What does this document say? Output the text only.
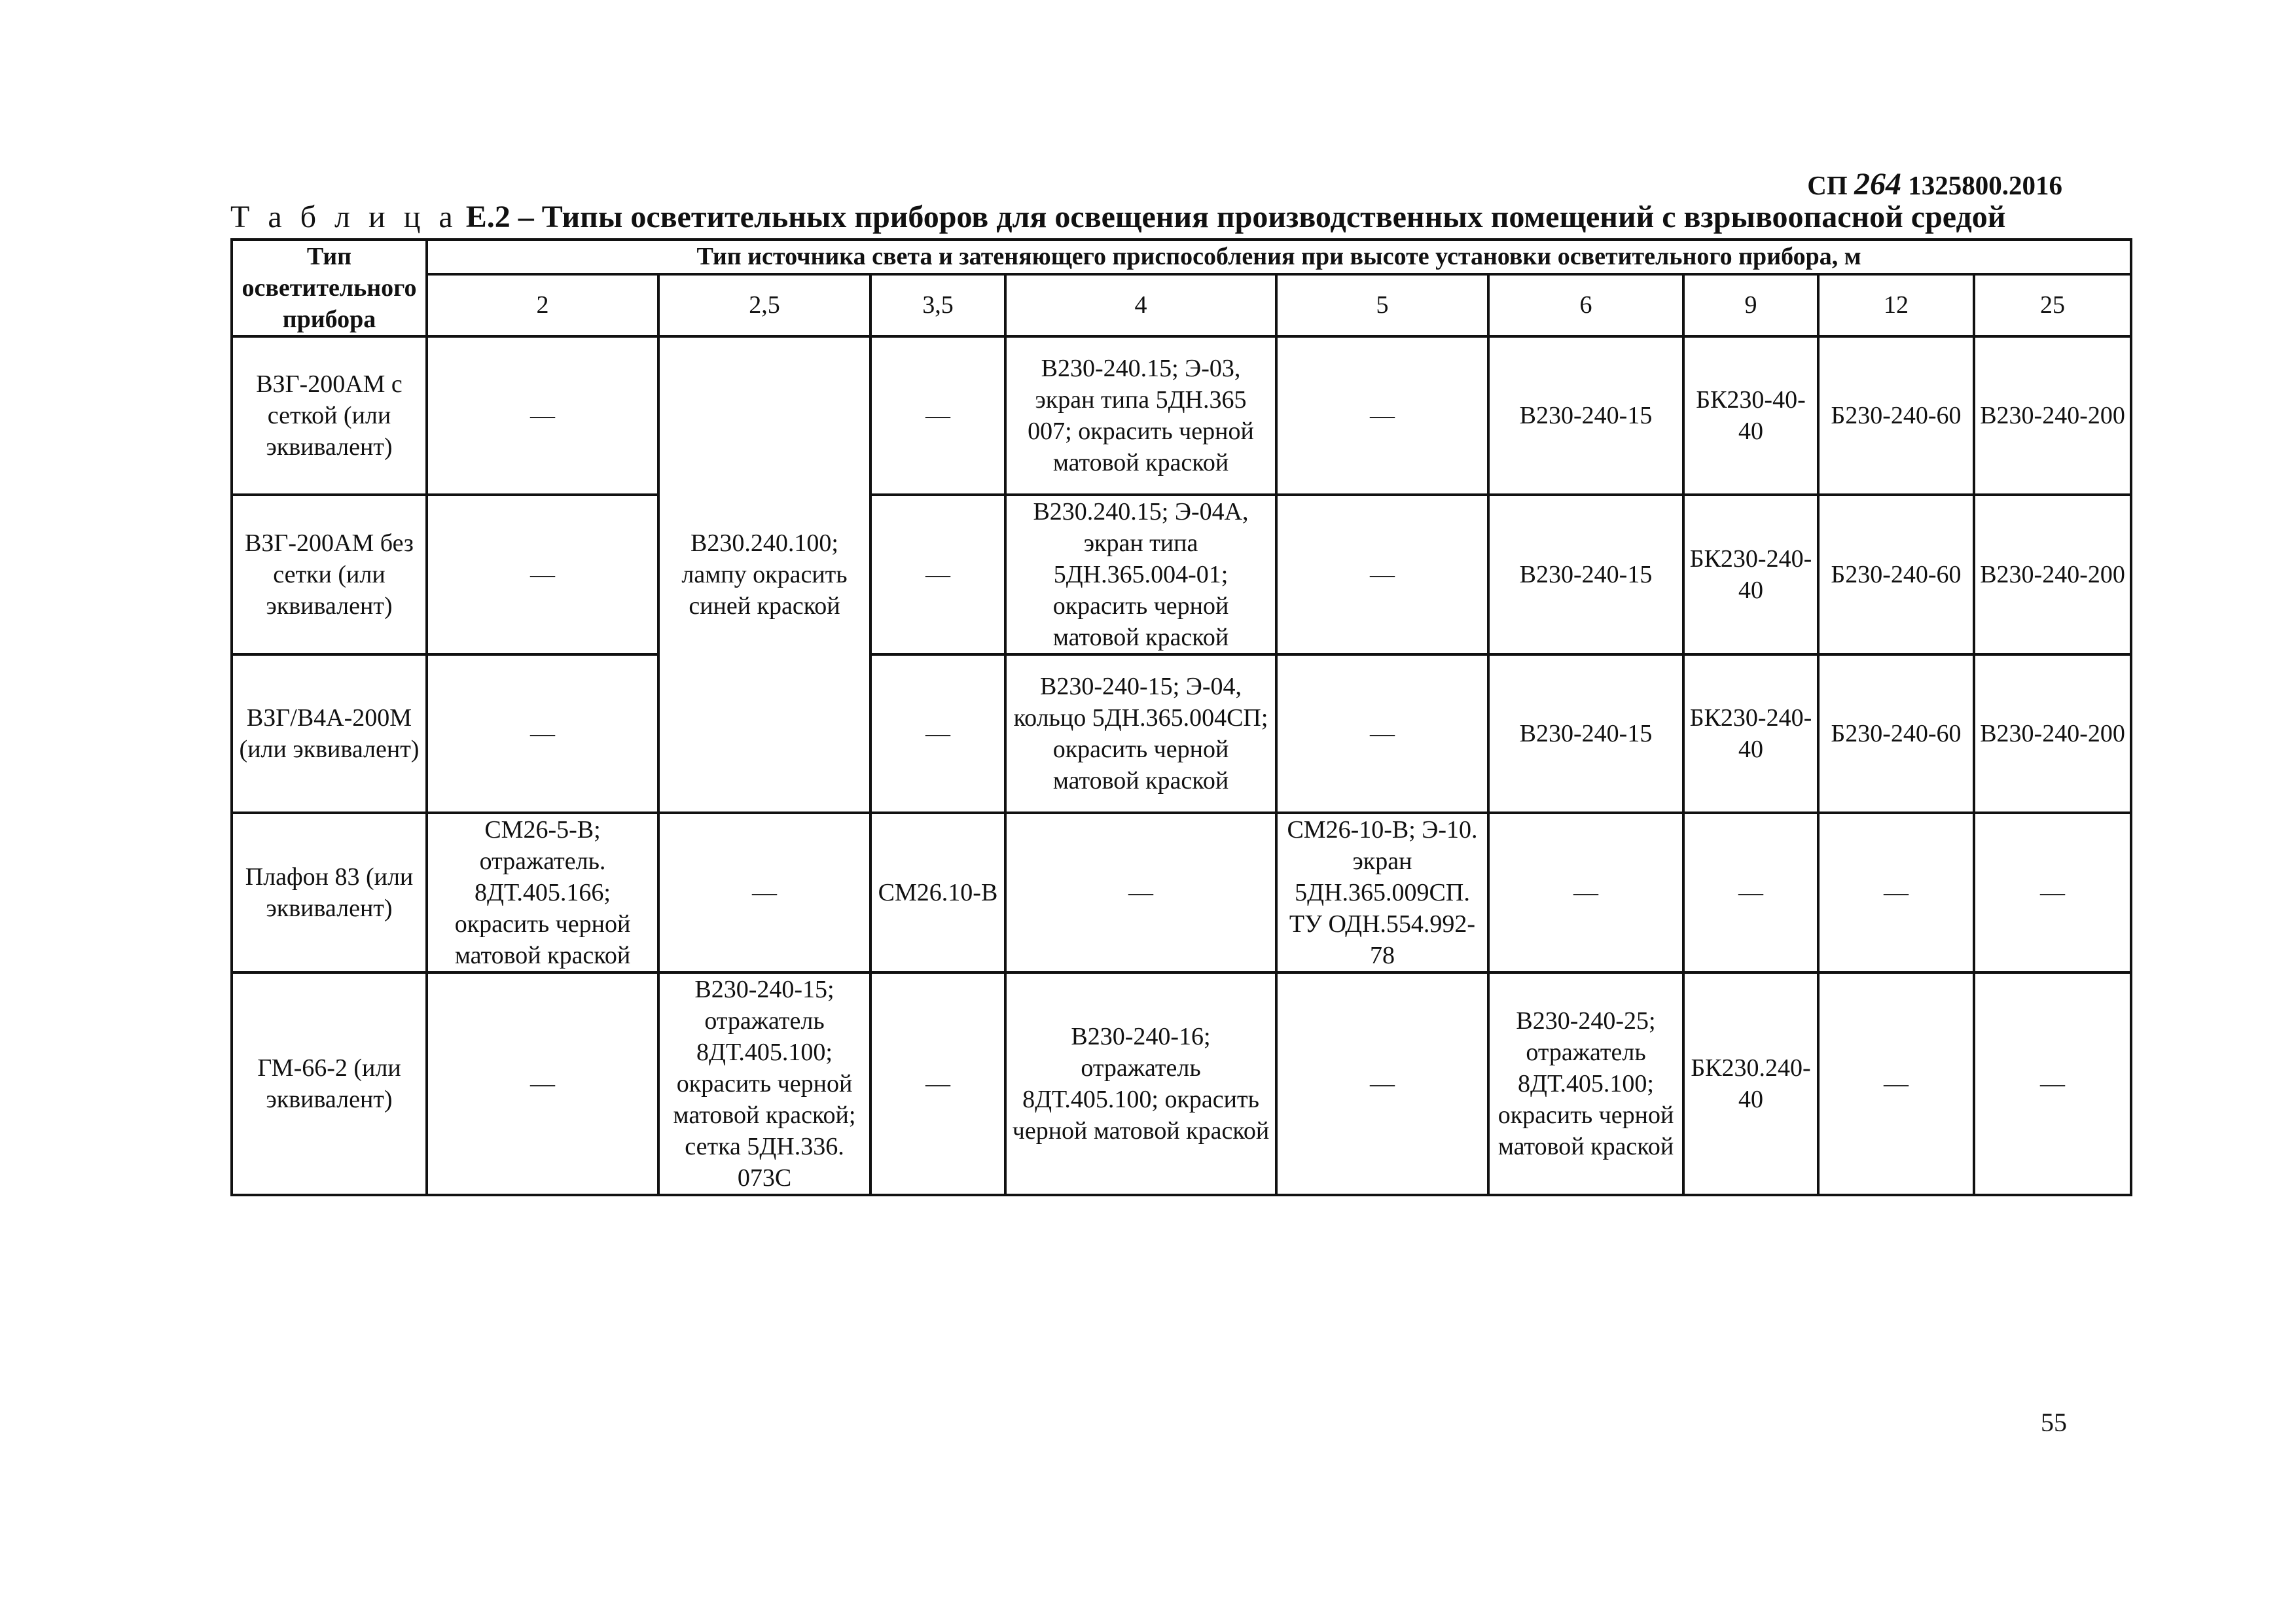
СП 264 1325800.2016
Т а б л и ц а Е.2 – Типы осветительных приборов для освещения производственных помещений с взрывоопасной средой
Тип осветительного прибора	Тип источника света и затеняющего приспособления при высоте установки осветительного прибора, м								
	2	2,5	3,5	4	5	6	9	12	25
ВЗГ-200АМ с сеткой (или эквивалент)	—	В230.240.100; лампу окрасить синей краской	—	В230-240.15; Э-03, экран типа 5ДН.365 007; окрасить черной матовой краской	—	В230-240-15	БК230-40-40	Б230-240-60	В230-240-200
ВЗГ-200АМ без сетки (или эквивалент)	—		—	В230.240.15; Э-04А, экран типа 5ДН.365.004-01; окрасить черной матовой краской	—	В230-240-15	БК230-240-40	Б230-240-60	В230-240-200
ВЗГ/В4А-200М (или эквивалент)	—		—	В230-240-15; Э-04, кольцо 5ДН.365.004СП; окрасить черной матовой краской	—	В230-240-15	БК230-240-40	Б230-240-60	В230-240-200
Плафон 83 (или эквивалент)	СМ26-5-В; отражатель. 8ДТ.405.166; окрасить черной матовой краской	—	СМ26.10-В	—	СМ26-10-В; Э-10. экран 5ДН.365.009СП. ТУ ОДН.554.992- 78	—	—	—	—
ГМ-66-2 (или эквивалент)	—	В230-240-15; отражатель 8ДТ.405.100; окрасить черной матовой краской; сетка 5ДН.336. 073С	—	В230-240-16; отражатель 8ДТ.405.100; окрасить черной матовой краской	—	В230-240-25; отражатель 8ДТ.405.100; окрасить черной матовой краской	БК230.240-40	—	—
55
